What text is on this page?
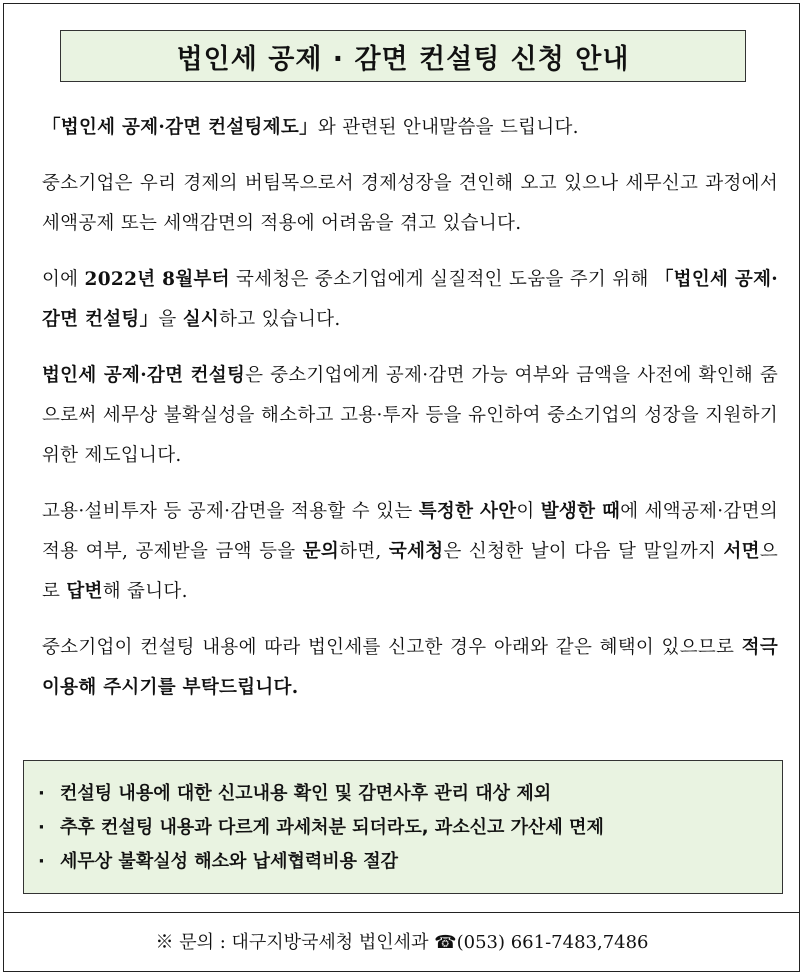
법인세 공제 · 감면 컨설팅 신청 안내

「법인세 공제·감면 컨설팅제도」와 관련된 안내말씀을 드립니다.

중소기업은 우리 경제의 버팀목으로서 경제성장을 견인해 오고 있으나 세무신고 과정에서 세액공제 또는 세액감면의 적용에 어려움을 겪고 있습니다.

이에 2022년 8월부터 국세청은 중소기업에게 실질적인 도움을 주기 위해 「법인세 공제·감면 컨설팅」을 실시하고 있습니다.

법인세 공제·감면 컨설팅은 중소기업에게 공제·감면 가능 여부와 금액을 사전에 확인해 줌으로써 세무상 불확실성을 해소하고 고용·투자 등을 유인하여 중소기업의 성장을 지원하기 위한 제도입니다.

고용·설비투자 등 공제·감면을 적용할 수 있는 특정한 사안이 발생한 때에 세액공제·감면의 적용 여부, 공제받을 금액 등을 문의하면, 국세청은 신청한 날이 다음 달 말일까지 서면으로 답변해 줍니다.

중소기업이 컨설팅 내용에 따라 법인세를 신고한 경우 아래와 같은 혜택이 있으므로 적극 이용해 주시기를 부탁드립니다.

· 컨설팅 내용에 대한 신고내용 확인 및 감면사후 관리 대상 제외
· 추후 컨설팅 내용과 다르게 과세처분 되더라도, 과소신고 가산세 면제
· 세무상 불확실성 해소와 납세협력비용 절감
※ 문의 : 대구지방국세청 법인세과 ☎(053) 661-7483,7486
